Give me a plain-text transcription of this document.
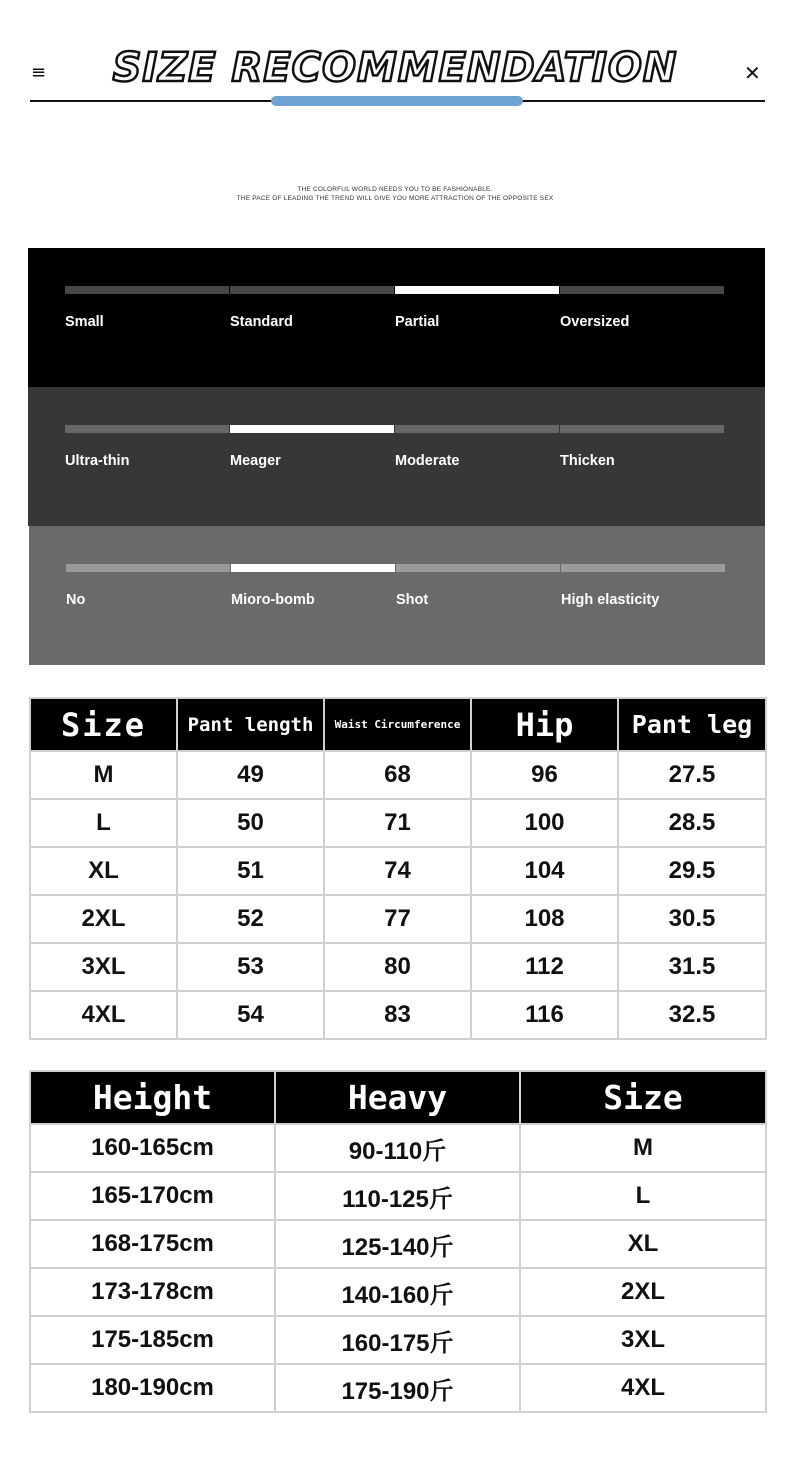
≡	SIZE RECOMMENDATION	✕
THE COLORFUL WORLD NEEDS YOU TO BE FASHIONABLE.
THE PACE OF LEADING THE TREND WILL GIVE YOU MORE ATTRACTION OF THE OPPOSITE SEX
Small	Standard	Partial	Oversized
Ultra-thin	Meager	Moderate	Thicken
No	Mioro-bomb	Shot	High elasticity
Size	Pant length	Waist Circumference	Hip	Pant leg
M	49	68	96	27.5
L	50	71	100	28.5
XL	51	74	104	29.5
2XL	52	77	108	30.5
3XL	53	80	112	31.5
4XL	54	83	116	32.5
Height	Heavy	Size
160-165cm	90-110斤	M
165-170cm	110-125斤	L
168-175cm	125-140斤	XL
173-178cm	140-160斤	2XL
175-185cm	160-175斤	3XL
180-190cm	175-190斤	4XL
